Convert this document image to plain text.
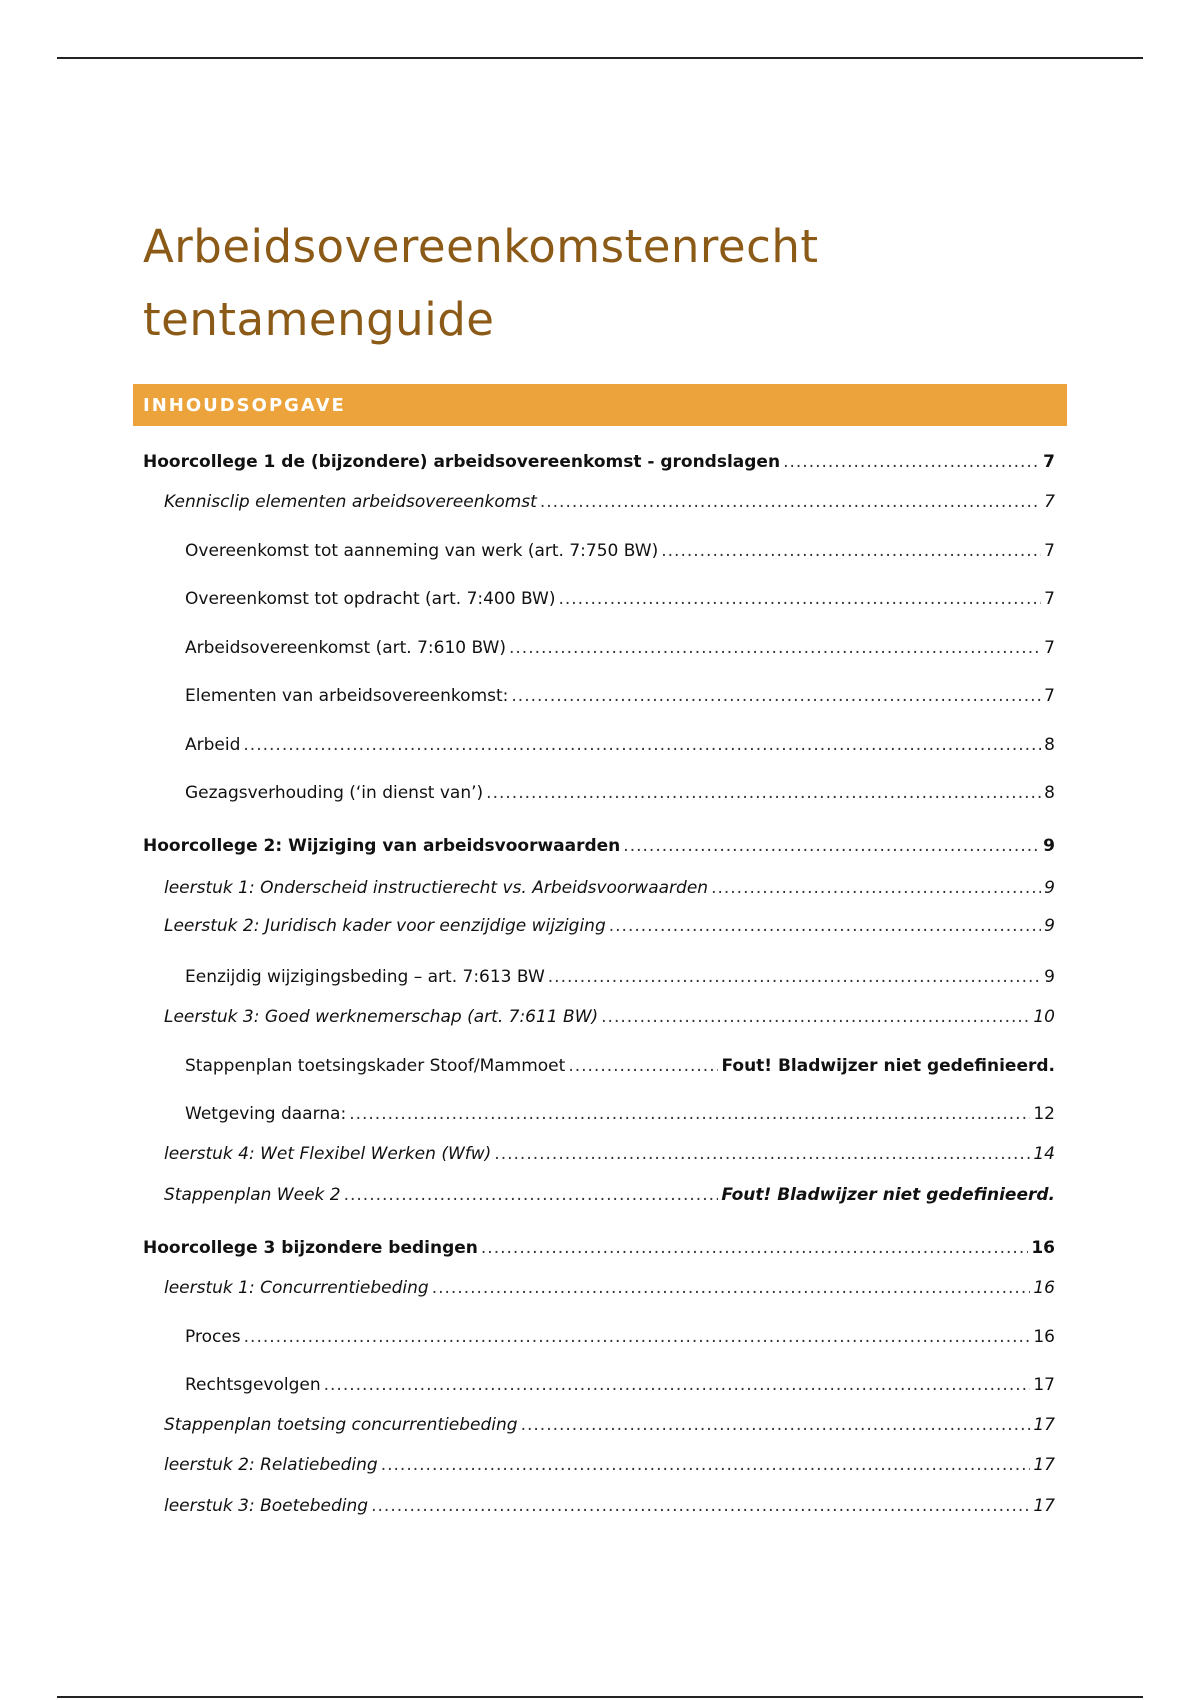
Arbeidsovereenkomstenrecht
tentamenguide
INHOUDSOPGAVE
Hoorcollege 1 de (bijzondere) arbeidsovereenkomst - grondslagen .....	7
Kennisclip elementen arbeidsovereenkomst .....	7
Overeenkomst tot aanneming van werk (art. 7:750 BW) .....	7
Overeenkomst tot opdracht (art. 7:400 BW) .....	7
Arbeidsovereenkomst (art. 7:610 BW) .....	7
Elementen van arbeidsovereenkomst: .....	7
Arbeid .....	8
Gezagsverhouding (‘in dienst van’) .....	8
Hoorcollege 2: Wijziging van arbeidsvoorwaarden .....	9
leerstuk 1: Onderscheid instructierecht vs. Arbeidsvoorwaarden .....	9
Leerstuk 2: Juridisch kader voor eenzijdige wijziging .....	9
Eenzijdig wijzigingsbeding – art. 7:613 BW .....	9
Leerstuk 3: Goed werknemerschap (art. 7:611 BW) .....	10
Stappenplan toetsingskader Stoof/Mammoet .....	Fout! Bladwijzer niet gedefinieerd.
Wetgeving daarna: .....	12
leerstuk 4: Wet Flexibel Werken (Wfw) .....	14
Stappenplan Week 2 .....	Fout! Bladwijzer niet gedefinieerd.
Hoorcollege 3 bijzondere bedingen .....	16
leerstuk 1: Concurrentiebeding .....	16
Proces .....	16
Rechtsgevolgen .....	17
Stappenplan toetsing concurrentiebeding .....	17
leerstuk 2: Relatiebeding .....	17
leerstuk 3: Boetebeding .....	17
